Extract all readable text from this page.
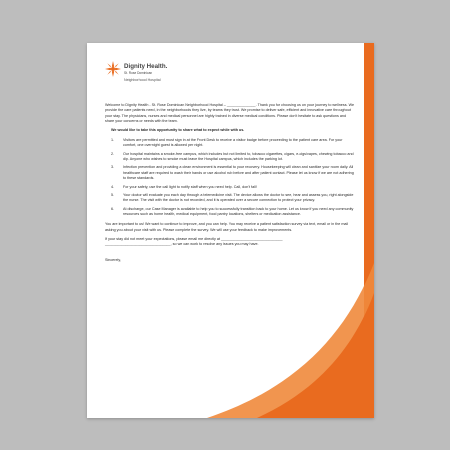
Dignity Health.
St. Rose Dominican
Neighborhood Hospital

Welcome to Dignity Health - St. Rose Dominican Neighborhood Hospital – ______________. Thank you for choosing us on your journey to wellness. We provide the care patients need, in the neighborhoods they live, by teams they trust. We promise to deliver safe, efficient and innovative care throughout your stay. The physicians, nurses and medical personnel are highly trained in diverse medical conditions. Please don't hesitate to ask questions and share your concerns or needs with the team.

We would like to take this opportunity to share what to expect while with us.

1. Visitors are permitted and must sign in at the Front Desk to receive a visitor badge before proceeding to the patient care area. For your comfort, one overnight guest is allowed per night.
2. Our hospital maintains a smoke-free campus, which includes but not limited to, tobacco cigarettes, cigars, e-cigs/vapes, chewing tobacco and dip. Anyone who wishes to smoke must leave the Hospital campus, which includes the parking lot.
3. Infection prevention and providing a clean environment is essential to your recovery. Housekeeping will clean and sanitize your room daily. All healthcare staff are required to wash their hands or use alcohol rub before and after patient contact. Please let us know if we are not adhering to these standards.
4. For your safety, use the call light to notify staff when you need help. Call, don't fall!
5. Your doctor will evaluate you each day through a telemedicine visit. The device allows the doctor to see, hear and assess you, right alongside the nurse. The visit with the doctor is not recorded, and it is operated over a secure connection to protect your privacy.
6. At discharge, our Case Manager is available to help you to successfully transition back to your home. Let us know if you need any community resources such as home health, medical equipment, food pantry locations, shelters or medication assistance.

You are important to us! We want to continue to improve, and you can help. You may receive a patient satisfaction survey via text, email or in the mail asking you about your visit with us. Please complete the survey. We will use your feedback to make improvements.

If your stay did not meet your expectations, please email me directly at ______________________________

________________________________, so we can work to resolve any issues you may have.

Sincerely,
